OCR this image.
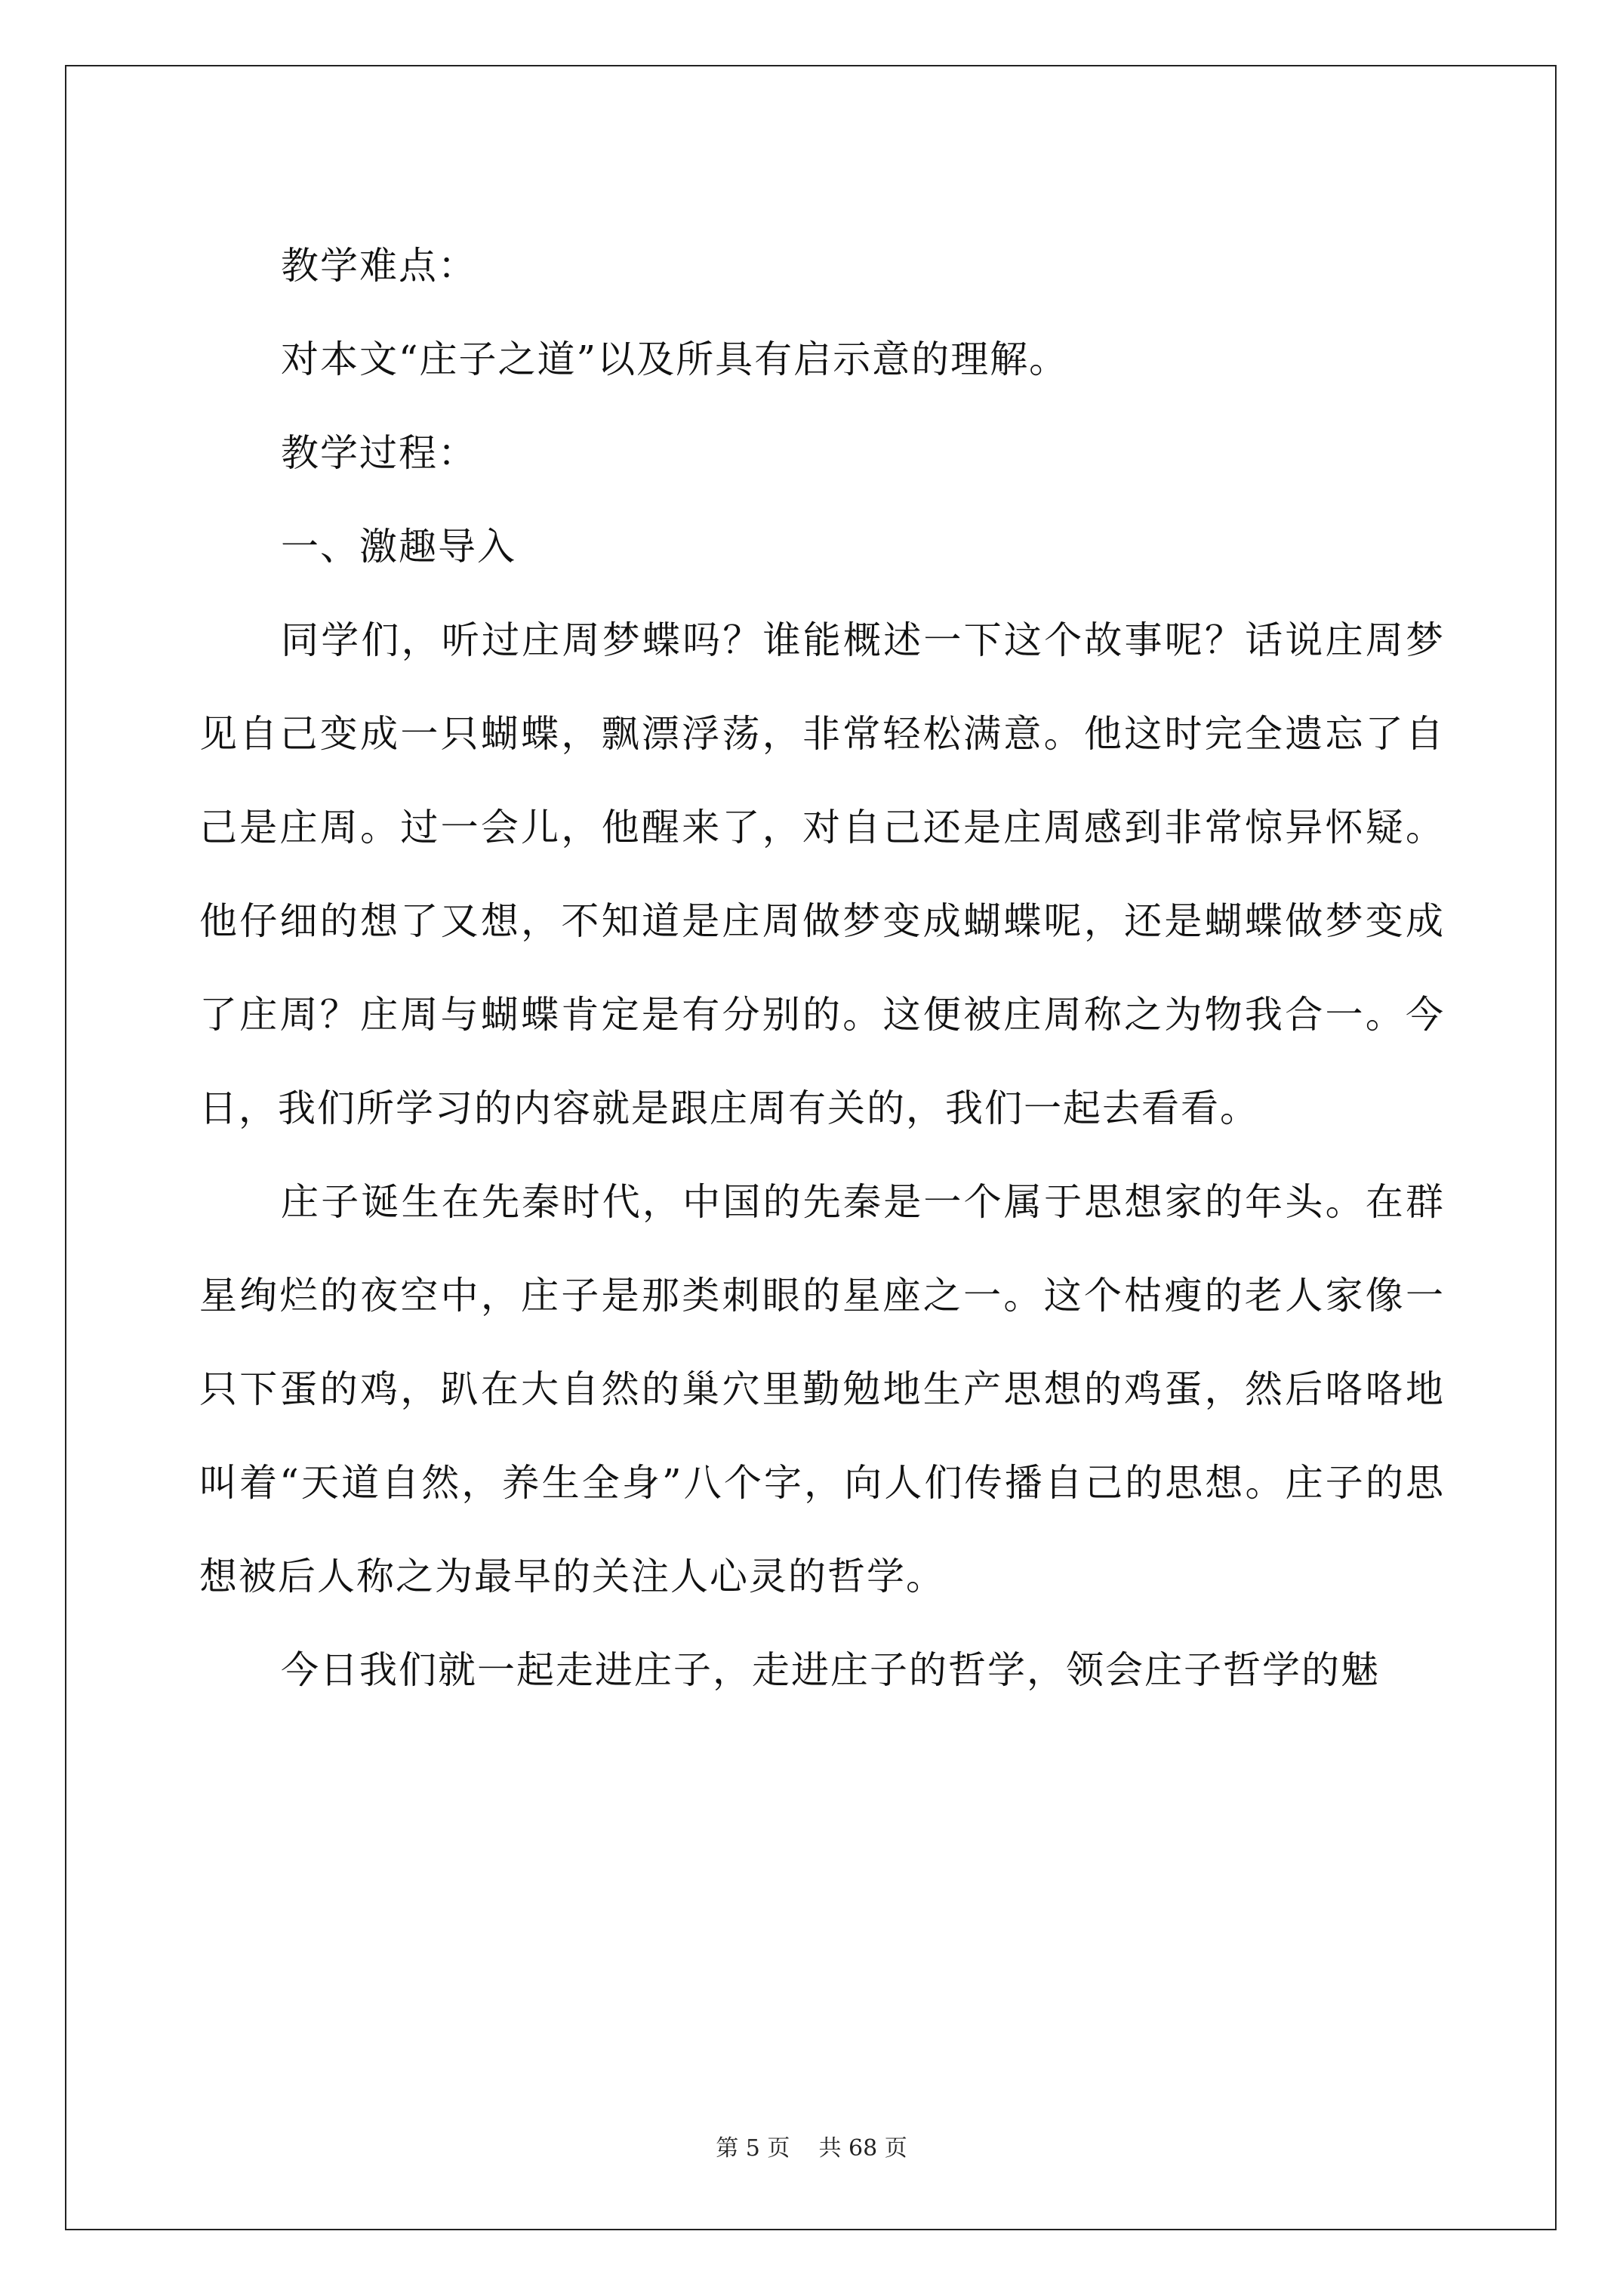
教学难点：

对本文“庄子之道”以及所具有启示意的理解。

教学过程：

一、激趣导入

同学们，听过庄周梦蝶吗？谁能概述一下这个故事呢？话说庄周梦见自己变成一只蝴蝶，飘漂浮荡，非常轻松满意。他这时完全遗忘了自己是庄周。过一会儿，他醒来了，对自己还是庄周感到非常惊异怀疑。他仔细的想了又想，不知道是庄周做梦变成蝴蝶呢，还是蝴蝶做梦变成了庄周？庄周与蝴蝶肯定是有分别的。这便被庄周称之为物我合一。今日，我们所学习的内容就是跟庄周有关的，我们一起去看看。

庄子诞生在先秦时代，中国的先秦是一个属于思想家的年头。在群星绚烂的夜空中，庄子是那类刺眼的星座之一。这个枯瘦的老人家像一只下蛋的鸡，趴在大自然的巢穴里勤勉地生产思想的鸡蛋，然后咯咯地叫着“天道自然，养生全身”八个字，向人们传播自己的思想。庄子的思想被后人称之为最早的关注人心灵的哲学。

今日我们就一起走进庄子，走进庄子的哲学，领会庄子哲学的魅

第 5 页    共 68 页
